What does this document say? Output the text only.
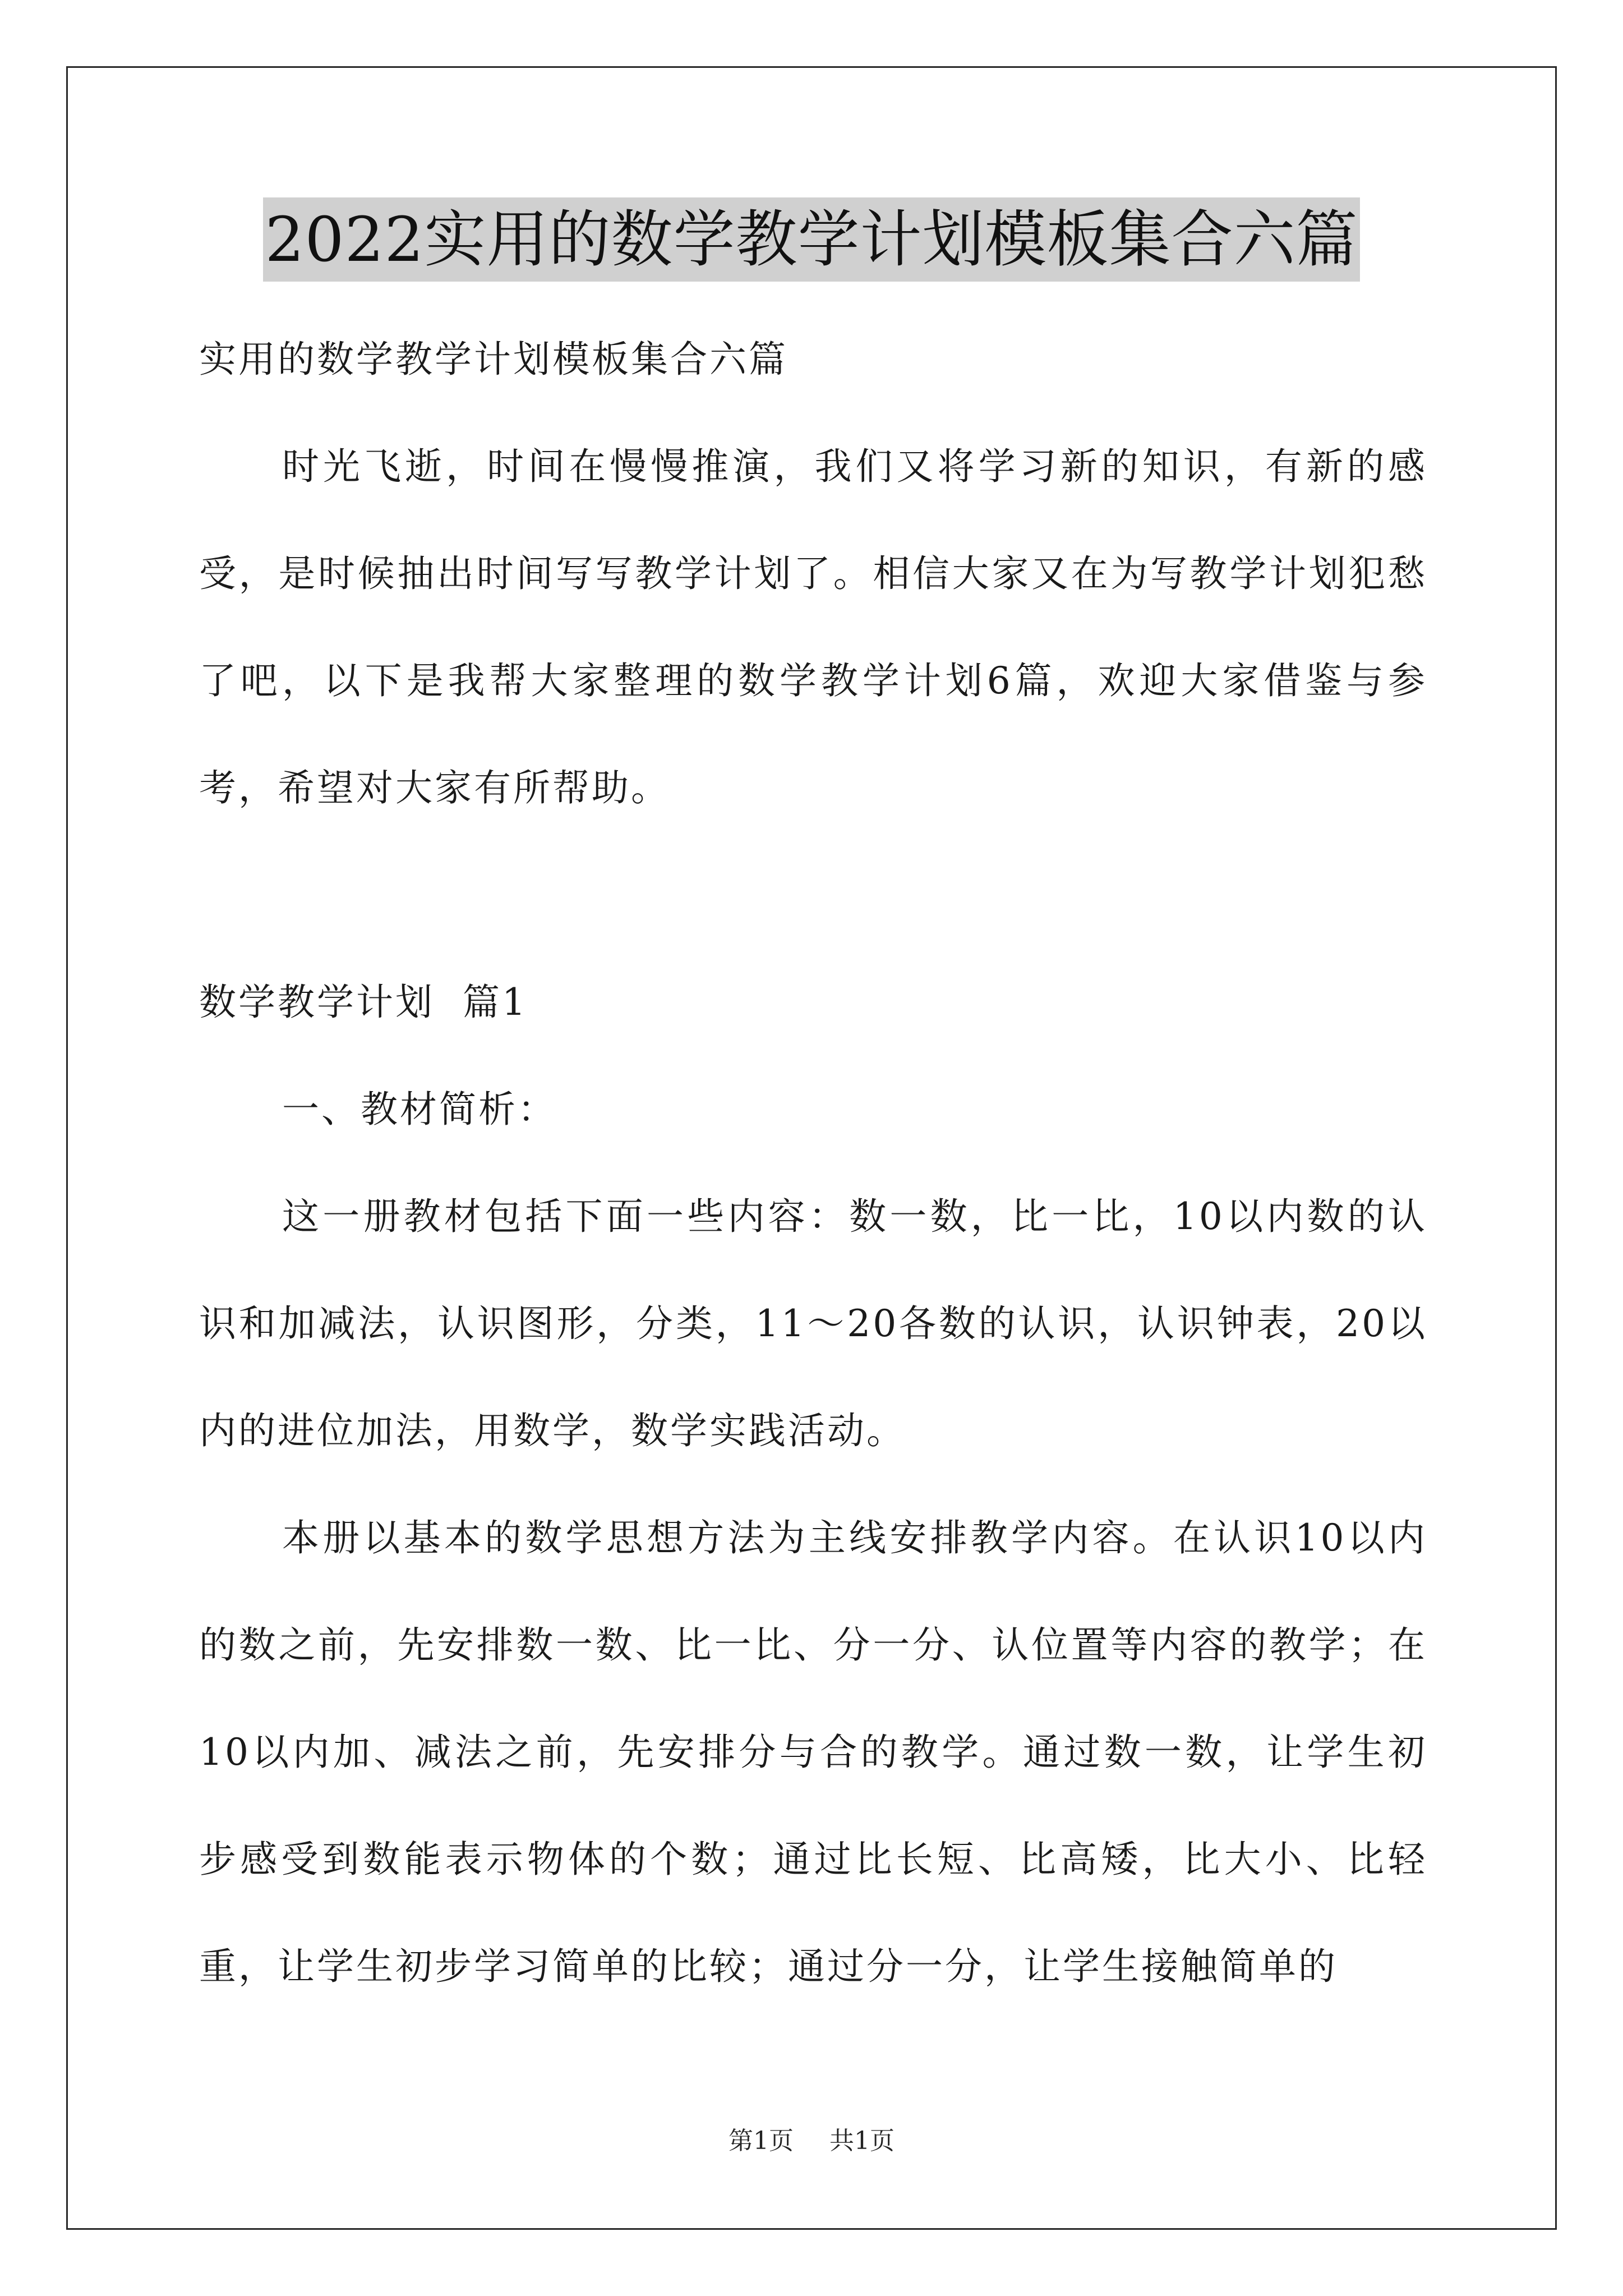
2022实用的数学教学计划模板集合六篇

实用的数学教学计划模板集合六篇

时光飞逝，时间在慢慢推演，我们又将学习新的知识，有新的感受，是时候抽出时间写写教学计划了。相信大家又在为写教学计划犯愁了吧，以下是我帮大家整理的数学教学计划6篇，欢迎大家借鉴与参考，希望对大家有所帮助。

数学教学计划  篇1

一、教材简析：

这一册教材包括下面一些内容：数一数，比一比，10以内数的认识和加减法，认识图形，分类，11～20各数的认识，认识钟表，20以内的进位加法，用数学，数学实践活动。

本册以基本的数学思想方法为主线安排教学内容。在认识10以内的数之前，先安排数一数、比一比、分一分、认位置等内容的教学；在10以内加、减法之前，先安排分与合的教学。通过数一数，让学生初步感受到数能表示物体的个数；通过比长短、比高矮，比大小、比轻重，让学生初步学习简单的比较；通过分一分，让学生接触简单的

第1页 共1页
